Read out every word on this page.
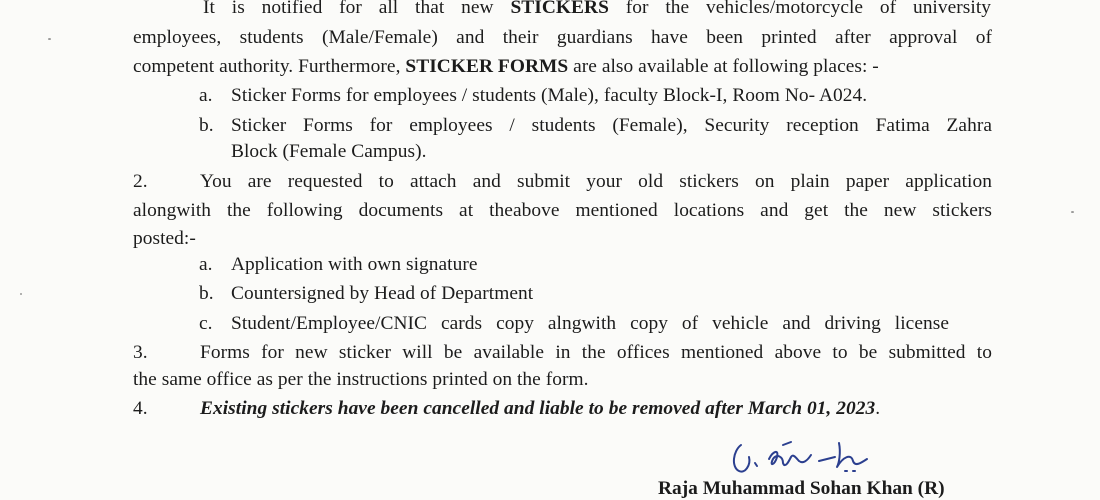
It is notified for all that new STICKERS for the vehicles/motorcycle of university
employees, students (Male/Female) and their guardians have been printed after approval of
competent authority. Furthermore, STICKER FORMS are also available at following places: -
a. Sticker Forms for employees / students (Male), faculty Block-I, Room No- A024.
b. Sticker Forms for employees / students (Female), Security reception Fatima Zahra
Block (Female Campus).
2.	You are requested to attach and submit your old stickers on plain paper application
alongwith the following documents at theabove mentioned locations and get the new stickers
posted:-
a. Application with own signature
b. Countersigned by Head of Department
c. Student/Employee/CNIC cards copy alngwith copy of vehicle and driving license
3.	Forms for new sticker will be available in the offices mentioned above to be submitted to
the same office as per the instructions printed on the form.
4.	Existing stickers have been cancelled and liable to be removed after March 01, 2023.
Raja Muhammad Sohan Khan (R)
